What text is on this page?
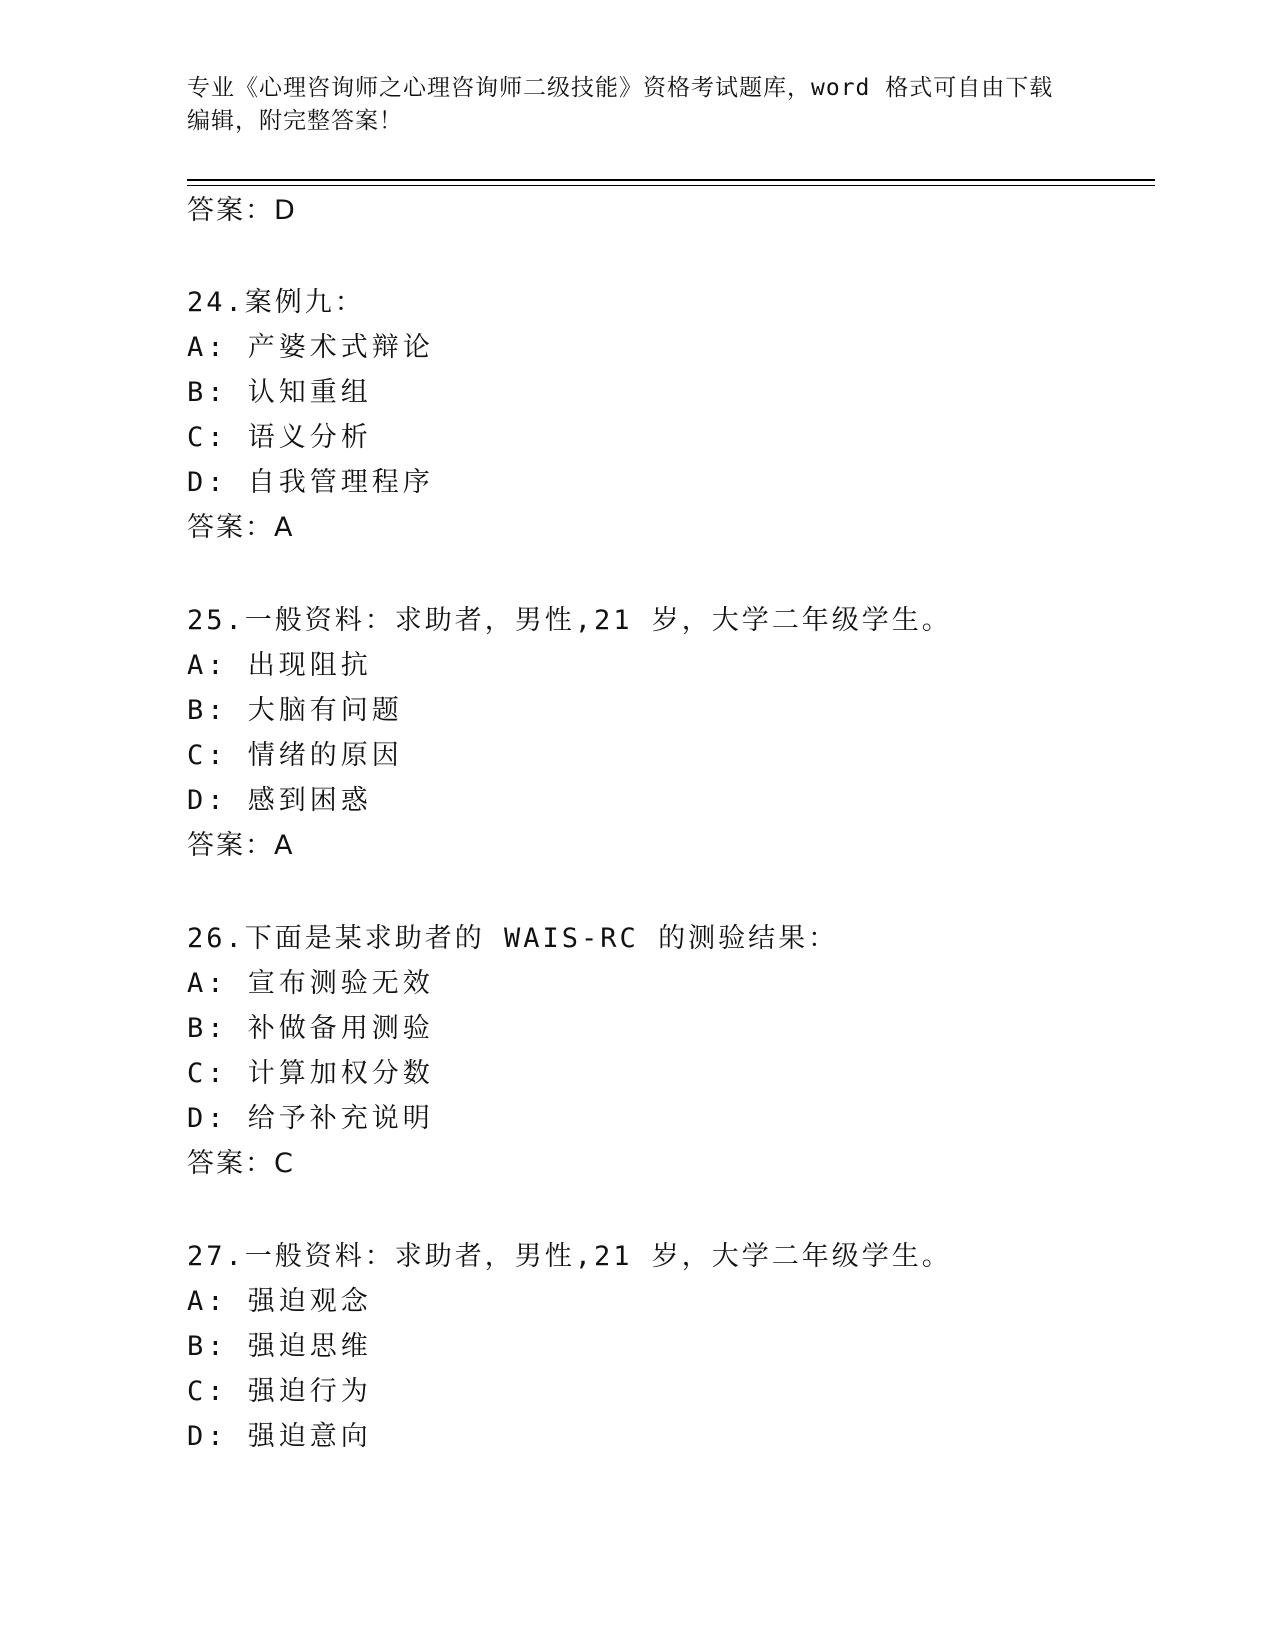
专业《心理咨询师之心理咨询师二级技能》资格考试题库，word 格式可自由下载
编辑，附完整答案！
答案：D
24.案例九：
A: 产婆术式辩论
B: 认知重组
C: 语义分析
D: 自我管理程序
答案：A
25.一般资料：求助者，男性,21 岁，大学二年级学生。
A: 出现阻抗
B: 大脑有问题
C: 情绪的原因
D: 感到困惑
答案：A
26.下面是某求助者的 WAIS-RC 的测验结果：
A: 宣布测验无效
B: 补做备用测验
C: 计算加权分数
D: 给予补充说明
答案：C
27.一般资料：求助者，男性,21 岁，大学二年级学生。
A: 强迫观念
B: 强迫思维
C: 强迫行为
D: 强迫意向
